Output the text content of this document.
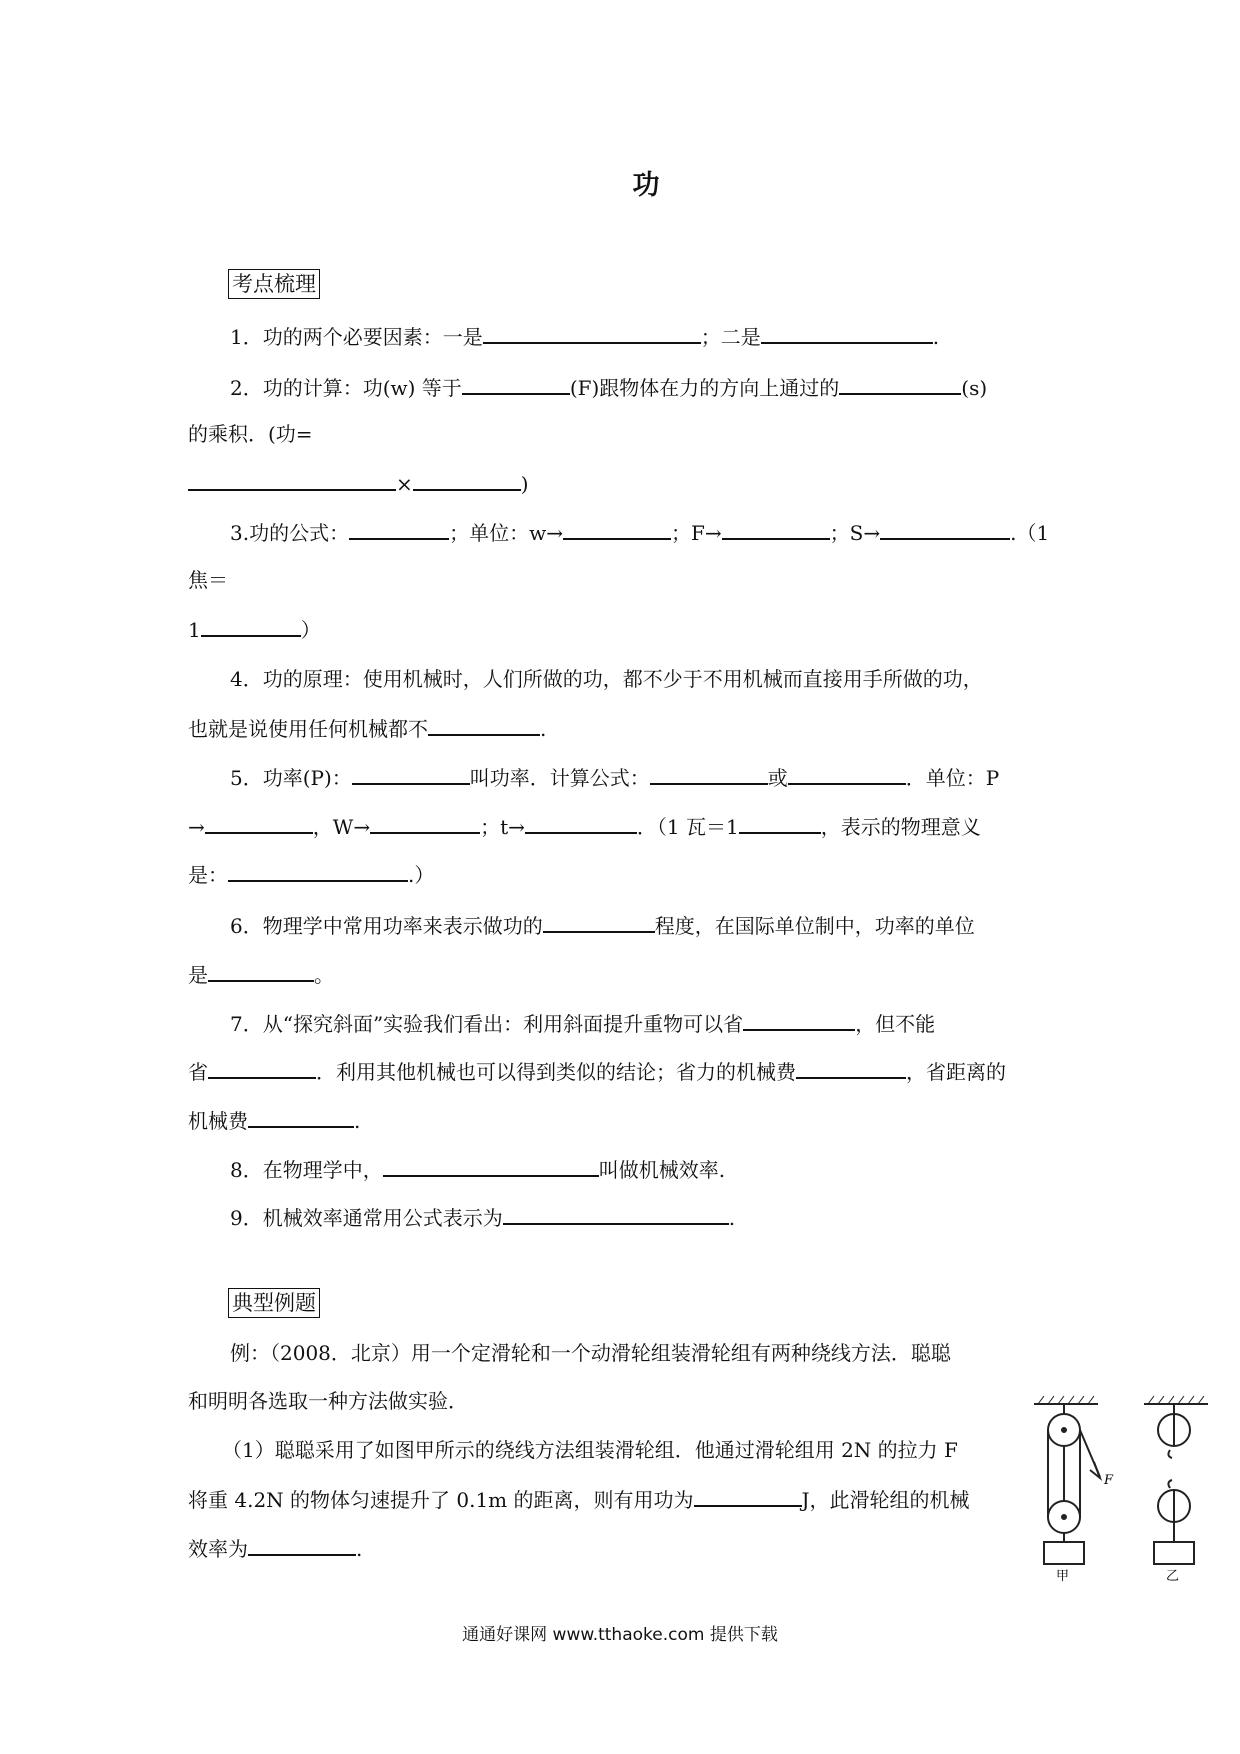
功
考点梳理
1．功的两个必要因素：一是	；二是	.
2．功的计算：功(w) 等于	(F)跟物体在力的方向上通过的	(s)
的乘积．(功=
×	)
3.功的公式：	；单位：w→	；F→	；S→	.（1
焦＝
1	）
4．功的原理：使用机械时，人们所做的功，都不少于不用机械而直接用手所做的功，
也就是说使用任何机械都不	.
5．功率(P)：	叫功率．计算公式：	或	．单位：P
→	，W→	；t→	．（1 瓦＝1	，表示的物理意义
是：	.）
6．物理学中常用功率来表示做功的	程度，在国际单位制中，功率的单位
是	。
7．从“探究斜面”实验我们看出：利用斜面提升重物可以省	，但不能
省	．利用其他机械也可以得到类似的结论；省力的机械费	，省距离的
机械费	.
8．在物理学中，	叫做机械效率.
9．机械效率通常用公式表示为	.
典型例题
例：（2008．北京）用一个定滑轮和一个动滑轮组装滑轮组有两种绕线方法．聪聪
和明明各选取一种方法做实验．
（1）聪聪采用了如图甲所示的绕线方法组装滑轮组．他通过滑轮组用 2N 的拉力 F
将重 4.2N 的物体匀速提升了 0.1m 的距离，则有用功为	J，此滑轮组的机械
效率为	.
F
甲	乙
通通好课网 www.tthaoke.com 提供下载
